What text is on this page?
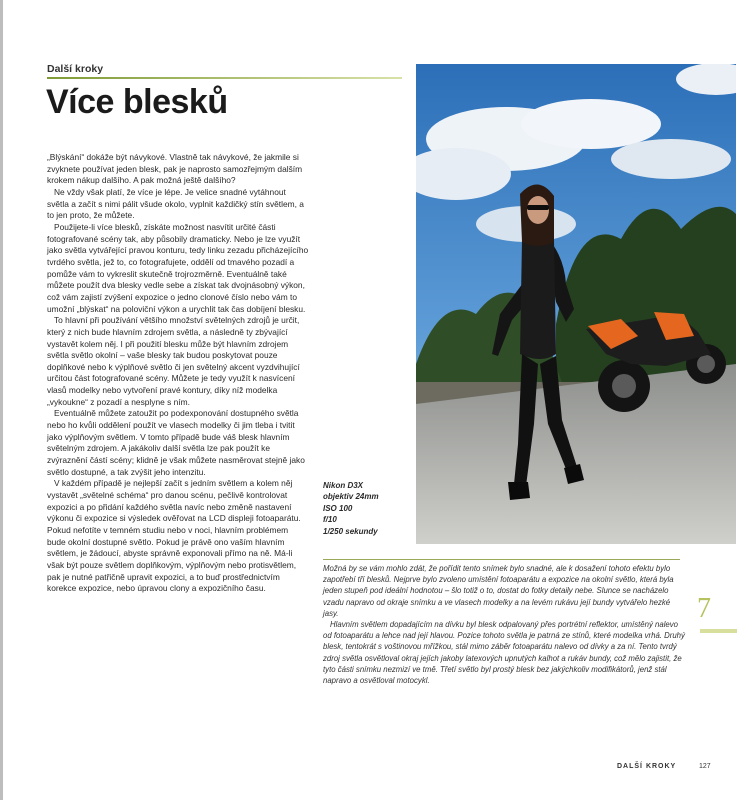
Další kroky
Více blesků

„Blýskání“ dokáže být návykové. Vlastně tak návykové, že jakmile si zvyknete používat jeden blesk, pak je naprosto samozřejmým dalším krokem nákup dalšího. A pak možná ještě dalšího?

Ne vždy však platí, že více je lépe. Je velice snadné vytáhnout světla a začít s nimi pálit všude okolo, vyplnit každičký stín světlem, a to jen proto, že můžete.

Použijete-li více blesků, získáte možnost nasvítit určité části fotografované scény tak, aby působily dramaticky. Nebo je lze využít jako světla vytvářející pravou konturu, tedy linku zezadu přicházejícího tvrdého světla, jež to, co fotografujete, oddělí od tmavého pozadí a pomůže vám to vykreslit skutečně trojrozměrně. Eventuálně také můžete použít dva blesky vedle sebe a získat tak dvojnásobný výkon, což vám zajistí zvýšení expozice o jedno clonové číslo nebo vám to umožní „blýskat“ na poloviční výkon a urychlit tak čas dobíjení blesku.

To hlavní při používání většího množství světelných zdrojů je určit, který z nich bude hlavním zdrojem světla, a následně ty zbývající vystavět kolem něj. I při použití blesku může být hlavním zdrojem světla světlo okolní – vaše blesky tak budou poskytovat pouze doplňkové nebo k výplňové světlo či jen světelný akcent vyzdvihující určitou část fotografované scény. Můžete je tedy využít k nasvícení vlasů modelky nebo vytvoření pravé kontury, díky níž modelka „vykoukne“ z pozadí a nesplyne s ním.

Eventuálně můžete zatoužit po podexponování dostupného světla nebo ho kvůli oddělení použít ve vlasech modelky či jim tleba i tvitit jako výplňovým světlem. V tomto případě bude váš blesk hlavním světelným zdrojem. A jakákoliv další světla lze pak použít ke zvýraznění částí scény; klidně je však můžete nasměrovat stejně jako světlo dostupné, a tak zvýšit jeho intenzitu.

V každém případě je nejlepší začít s jedním světlem a kolem něj vystavět „světelné schéma“ pro danou scénu, pečlivě kontrolovat expozici a po přidání každého světla navíc nebo změně nastavení výkonu či expozice si výsledek ověřovat na LCD displeji fotoaparátu. Pokud nefotíte v temném studiu nebo v noci, hlavním problémem bude okolní dostupné světlo. Pokud je právě ono vaším hlavním světlem, je žádoucí, abyste správně exponovali přímo na ně. Má-li však být pouze světlem doplňkovým, výplňovým nebo protisvětlem, pak je nutné patřičně upravit expozici, a to buď prostřednictvím korekce expozice, nebo úpravou clony a expozičního času.

Nikon D3X
objektiv 24mm
ISO 100
f/10
1/250 sekundy

Možná by se vám mohlo zdát, že pořídit tento snímek bylo snadné, ale k dosažení tohoto efektu bylo zapotřebí tří blesků. Nejprve bylo zvoleno umístění fotoaparátu a expozice na okolní světlo, která byla jeden stupeň pod ideální hodnotou – šlo totiž o to, dostat do fotky detaily nebe. Slunce se nacházelo vzadu napravo od okraje snímku a ve vlasech modelky a na levém rukávu její bundy vytvářelo hezké jasy.

Hlavním světlem dopadajícím na dívku byl blesk odpalovaný přes portrétní reflektor, umístěný nalevo od fotoaparátu a lehce nad její hlavou. Pozice tohoto světla je patrná ze stínů, které modelka vrhá. Druhý blesk, tentokrát s voštinovou mřížkou, stál mimo záběr fotoaparátu nalevo od dívky a za ní. Tento tvrdý zdroj světla osvětloval okraj jejích jakoby latexových upnutých kalhot a rukáv bundy, což mělo zajistit, že tyto části snímku nezmizí ve tmě. Třetí světlo byl prostý blesk bez jakýchkoliv modifikátorů, jenž stál napravo a osvětloval motocykl.

7
DALŠÍ KROKY	127
